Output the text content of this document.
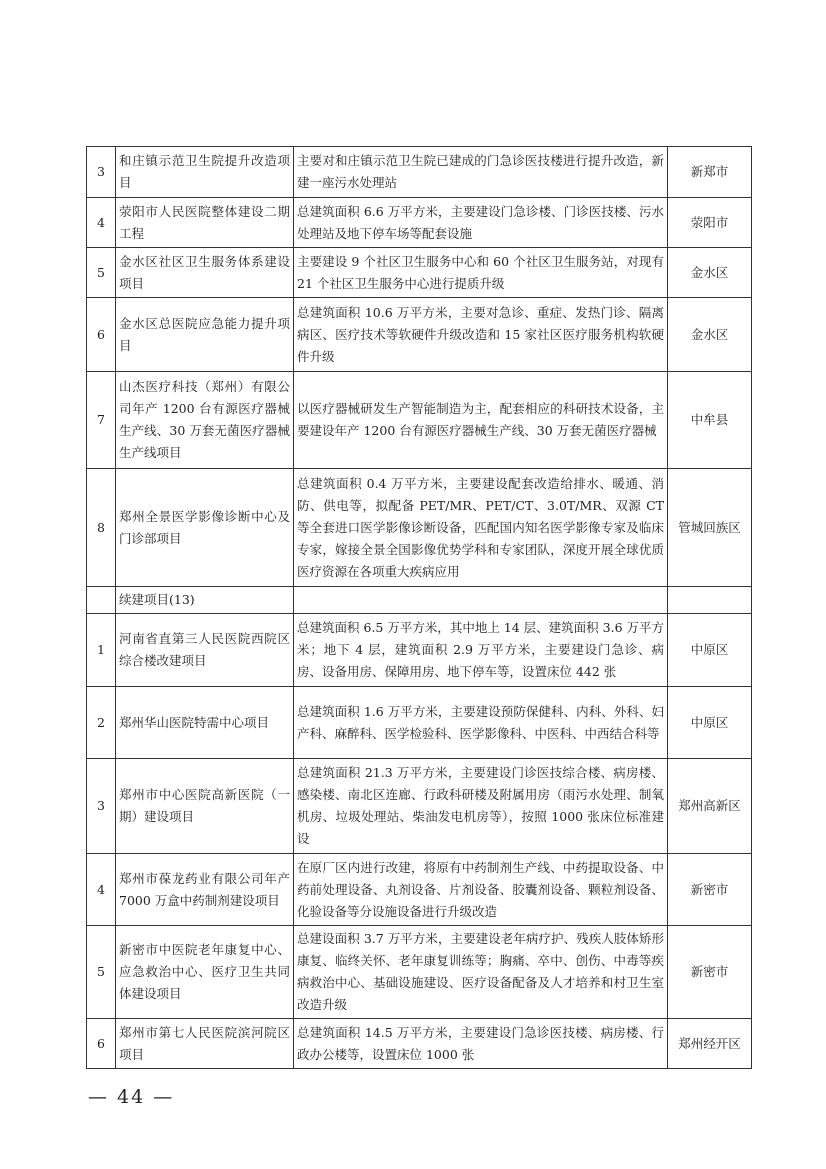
3	和庄镇示范卫生院提升改造项目	主要对和庄镇示范卫生院已建成的门急诊医技楼进行提升改造，新建一座污水处理站	新郑市
4	荥阳市人民医院整体建设二期工程	总建筑面积 6.6 万平方米，主要建设门急诊楼、门诊医技楼、污水处理站及地下停车场等配套设施	荥阳市
5	金水区社区卫生服务体系建设项目	主要建设 9 个社区卫生服务中心和 60 个社区卫生服务站，对现有 21 个社区卫生服务中心进行提质升级	金水区
6	金水区总医院应急能力提升项目	总建筑面积 10.6 万平方米，主要对急诊、重症、发热门诊、隔离病区、医疗技术等软硬件升级改造和 15 家社区医疗服务机构软硬件升级	金水区
7	山杰医疗科技（郑州）有限公司年产 1200 台有源医疗器械生产线、30 万套无菌医疗器械生产线项目	以医疗器械研发生产智能制造为主，配套相应的科研技术设备，主要建设年产 1200 台有源医疗器械生产线、30 万套无菌医疗器械	中牟县
8	郑州全景医学影像诊断中心及门诊部项目	总建筑面积 0.4 万平方米，主要建设配套改造给排水、暖通、消防、供电等，拟配备 PET/MR、PET/CT、3.0T/MR、双源 CT 等全套进口医学影像诊断设备，匹配国内知名医学影像专家及临床专家，嫁接全景全国影像优势学科和专家团队，深度开展全球优质医疗资源在各项重大疾病应用	管城回族区
	续建项目(13)		
1	河南省直第三人民医院西院区综合楼改建项目	总建筑面积 6.5 万平方米，其中地上 14 层、建筑面积 3.6 万平方米；地下 4 层，建筑面积 2.9 万平方米，主要建设门急诊、病房、设备用房、保障用房、地下停车等，设置床位 442 张	中原区
2	郑州华山医院特需中心项目	总建筑面积 1.6 万平方米，主要建设预防保健科、内科、外科、妇产科、麻醉科、医学检验科、医学影像科、中医科、中西结合科等	中原区
3	郑州市中心医院高新医院（一期）建设项目	总建筑面积 21.3 万平方米，主要建设门诊医技综合楼、病房楼、感染楼、南北区连廊、行政科研楼及附属用房（雨污水处理、制氧机房、垃圾处理站、柴油发电机房等），按照 1000 张床位标准建设	郑州高新区
4	郑州市葆龙药业有限公司年产 7000 万盒中药制剂建设项目	在原厂区内进行改建，将原有中药制剂生产线、中药提取设备、中药前处理设备、丸剂设备、片剂设备、胶囊剂设备、颗粒剂设备、化验设备等分设施设备进行升级改造	新密市
5	新密市中医院老年康复中心、应急救治中心、医疗卫生共同体建设项目	总建设面积 3.7 万平方米，主要建设老年病疗护、残疾人肢体矫形康复、临终关怀、老年康复训练等；胸痛、卒中、创伤、中毒等疾病救治中心、基础设施建设、医疗设备配备及人才培养和村卫生室改造升级	新密市
6	郑州市第七人民医院滨河院区项目	总建筑面积 14.5 万平方米，主要建设门急诊医技楼、病房楼、行政办公楼等，设置床位 1000 张	郑州经开区
— 44 —
